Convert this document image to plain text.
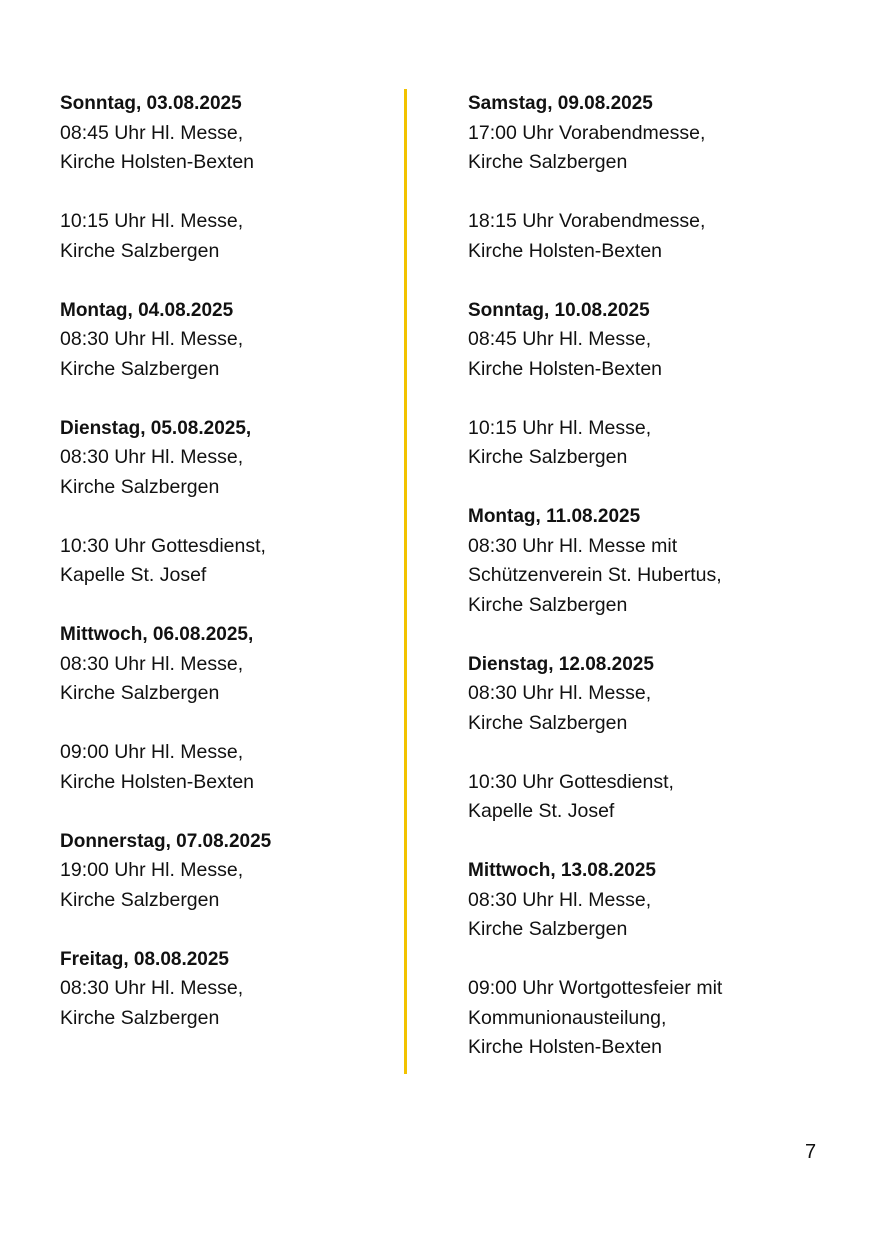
Sonntag, 03.08.2025
08:45 Uhr Hl. Messe,
Kirche Holsten-Bexten
10:15 Uhr Hl. Messe,
Kirche Salzbergen
Montag, 04.08.2025
08:30 Uhr Hl. Messe,
Kirche Salzbergen
Dienstag, 05.08.2025,
08:30 Uhr Hl. Messe,
Kirche Salzbergen
10:30 Uhr Gottesdienst,
Kapelle St. Josef
Mittwoch, 06.08.2025,
08:30 Uhr Hl. Messe,
Kirche Salzbergen
09:00 Uhr Hl. Messe,
Kirche Holsten-Bexten
Donnerstag, 07.08.2025
19:00 Uhr Hl. Messe,
Kirche Salzbergen
Freitag, 08.08.2025
08:30 Uhr Hl. Messe,
Kirche Salzbergen
Samstag, 09.08.2025
17:00 Uhr Vorabendmesse,
Kirche Salzbergen
18:15 Uhr Vorabendmesse,
Kirche Holsten-Bexten
Sonntag, 10.08.2025
08:45 Uhr Hl. Messe,
Kirche Holsten-Bexten
10:15 Uhr Hl. Messe,
Kirche Salzbergen
Montag, 11.08.2025
08:30 Uhr Hl. Messe mit
Schützenverein St. Hubertus,
Kirche Salzbergen
Dienstag, 12.08.2025
08:30 Uhr Hl. Messe,
Kirche Salzbergen
10:30 Uhr Gottesdienst,
Kapelle St. Josef
Mittwoch, 13.08.2025
08:30 Uhr Hl. Messe,
Kirche Salzbergen
09:00 Uhr Wortgottesfeier mit
Kommunionausteilung,
Kirche Holsten-Bexten
7
